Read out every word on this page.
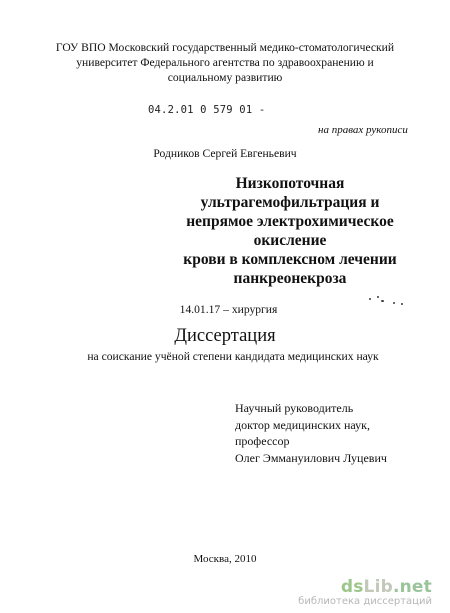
ГОУ ВПО Московский государственный медико-стоматологический
университет Федерального агентства по здравоохранению и
социальному развитию
04.2.01 0 579 01 -
на правах рукописи
Родников Сергей Евгеньевич
Низкопоточная ультрагемофильтрация и
непрямое электрохимическое окисление
крови в комплексном лечении
панкреонекроза
14.01.17 – хирургия
Диссертация
на соискание учёной степени кандидата медицинских наук
Научный руководитель
доктор медицинских наук,
профессор
Олег Эммануилович Луцевич
Москва, 2010
dsLib.net
библиотека диссертаций
